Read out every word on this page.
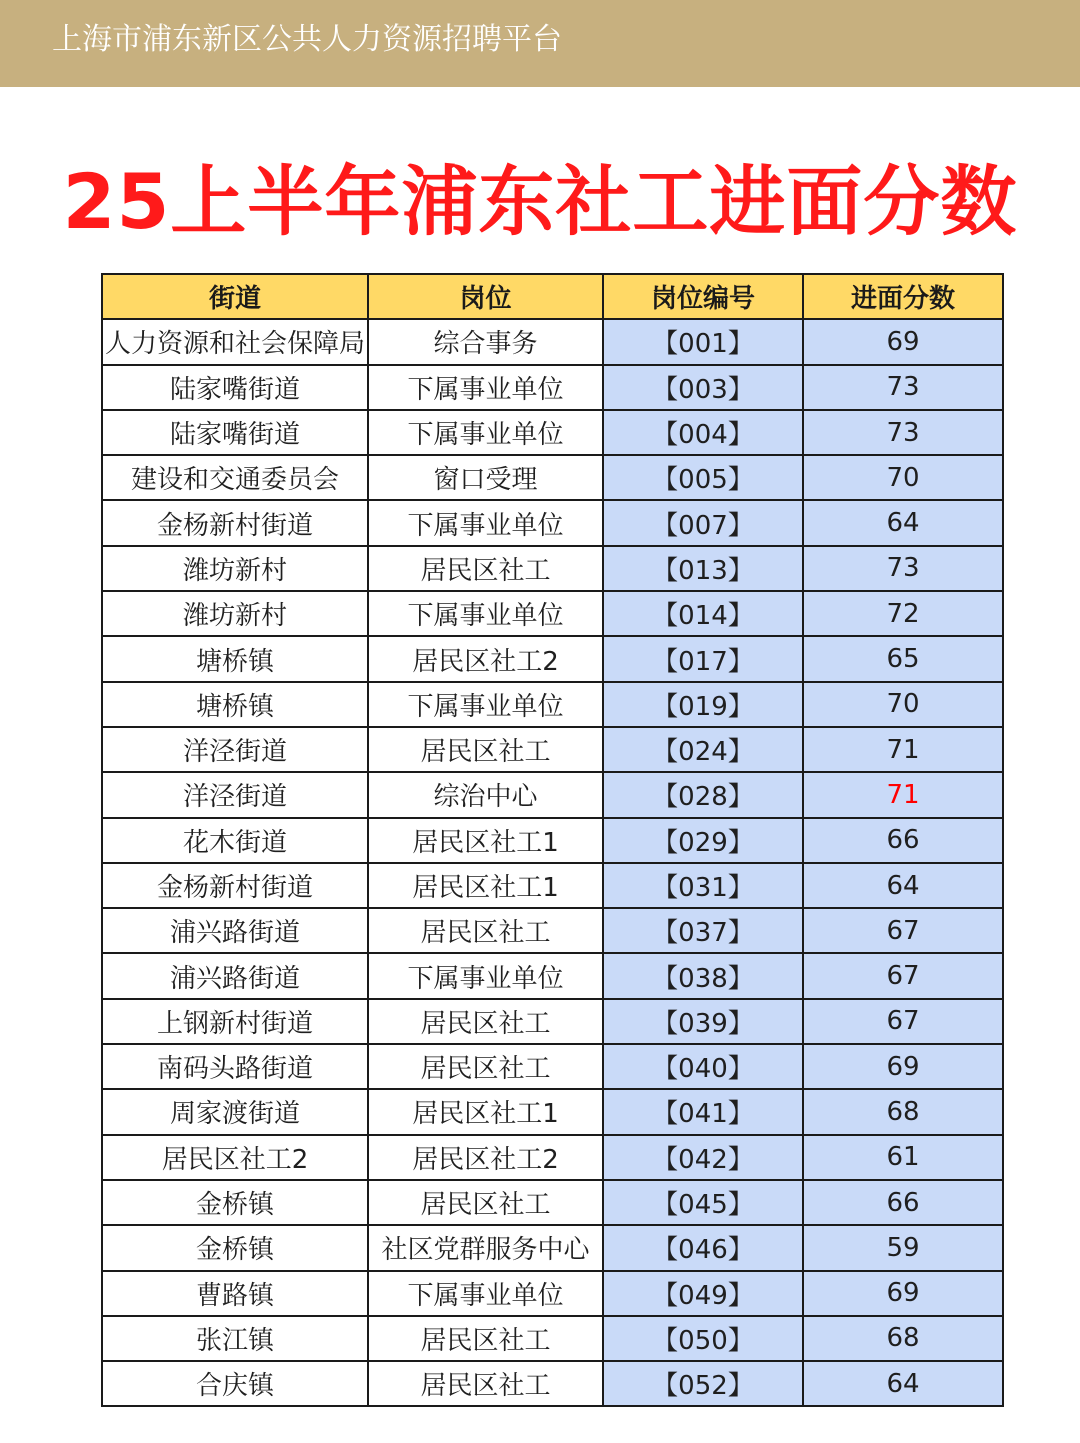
上海市浦东新区公共人力资源招聘平台
25上半年浦东社工进面分数
街道	岗位	岗位编号	进面分数
人力资源和社会保障局	综合事务	【001】	69
陆家嘴街道	下属事业单位	【003】	73
陆家嘴街道	下属事业单位	【004】	73
建设和交通委员会	窗口受理	【005】	70
金杨新村街道	下属事业单位	【007】	64
潍坊新村	居民区社工	【013】	73
潍坊新村	下属事业单位	【014】	72
塘桥镇	居民区社工2	【017】	65
塘桥镇	下属事业单位	【019】	70
洋泾街道	居民区社工	【024】	71
洋泾街道	综治中心	【028】	71
花木街道	居民区社工1	【029】	66
金杨新村街道	居民区社工1	【031】	64
浦兴路街道	居民区社工	【037】	67
浦兴路街道	下属事业单位	【038】	67
上钢新村街道	居民区社工	【039】	67
南码头路街道	居民区社工	【040】	69
周家渡街道	居民区社工1	【041】	68
居民区社工2	居民区社工2	【042】	61
金桥镇	居民区社工	【045】	66
金桥镇	社区党群服务中心	【046】	59
曹路镇	下属事业单位	【049】	69
张江镇	居民区社工	【050】	68
合庆镇	居民区社工	【052】	64
